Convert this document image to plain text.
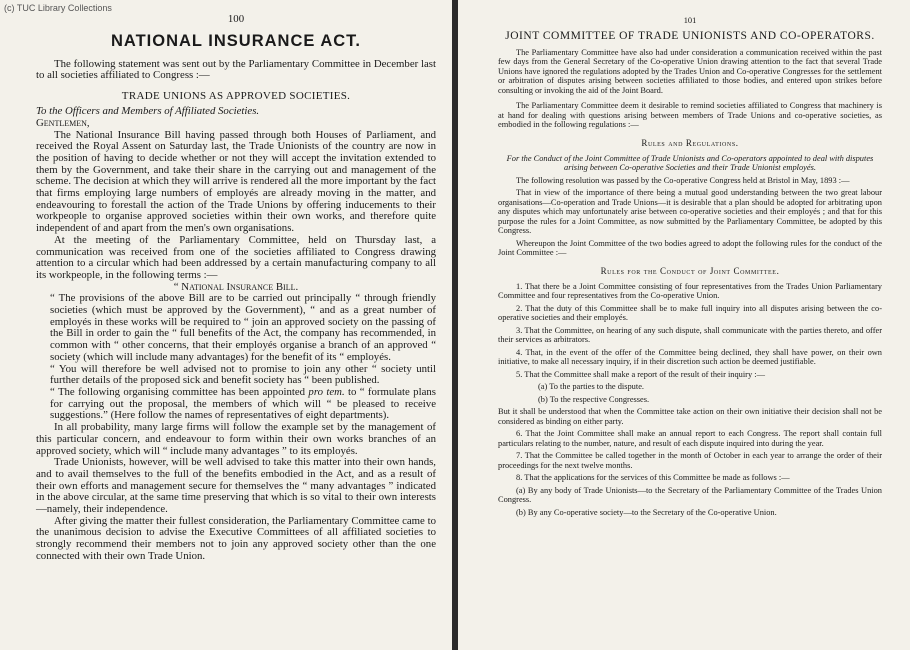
(c) TUC Library Collections

100

NATIONAL INSURANCE ACT.

The following statement was sent out by the Parliamentary Committee in December last to all societies affiliated to Congress :—

TRADE UNIONS AS APPROVED SOCIETIES.

To the Officers and Members of Affiliated Societies.

Gentlemen,

The National Insurance Bill having passed through both Houses of Parliament, and received the Royal Assent on Saturday last, the Trade Unionists of the country are now in the position of having to decide whether or not they will accept the invitation extended to them by the Government, and take their share in the carrying out and management of the scheme. The decision at which they will arrive is rendered all the more important by the fact that firms employing large numbers of employés are already moving in the matter, and endeavouring to forestall the action of the Trade Unions by offering inducements to their workpeople to organise approved societies within their own works, and therefore quite independent of and apart from the men's own organisations.

At the meeting of the Parliamentary Committee, held on Thursday last, a communication was received from one of the societies affiliated to Congress drawing attention to a circular which had been addressed by a certain manufacturing company to all its workpeople, in the following terms :—

“ National Insurance Bill.

“ The provisions of the above Bill are to be carried out principally “ through friendly societies (which must be approved by the Government), “ and as a great number of employés in these works will be required to “ join an approved society on the passing of the Bill in order to gain the “ full benefits of the Act, the company has recommended, in common with “ other concerns, that their employés organise a branch of an approved “ society (which will include many advantages) for the benefit of its “ employés.

“ You will therefore be well advised not to promise to join any other “ society until further details of the proposed sick and benefit society has “ been published.

“ The following organising committee has been appointed pro tem. to “ formulate plans for carrying out the proposal, the members of which will “ be pleased to receive suggestions.” (Here follow the names of representatives of eight departments).

In all probability, many large firms will follow the example set by the management of this particular concern, and endeavour to form within their own works branches of an approved society, which will “ include many advantages ” to its employés.

Trade Unionists, however, will be well advised to take this matter into their own hands, and to avail themselves to the full of the benefits embodied in the Act, and as a result of their own efforts and management secure for themselves the “ many advantages ” indicated in the above circular, at the same time preserving that which is so vital to their own interests—namely, their independence.

After giving the matter their fullest consideration, the Parliamentary Committee came to the unanimous decision to advise the Executive Committees of all affiliated societies to strongly recommend their members not to join any approved society other than the one connected with their own Trade Union.

101

JOINT COMMITTEE OF TRADE UNIONISTS AND CO-OPERATORS.

The Parliamentary Committee have also had under consideration a communication received within the past few days from the General Secretary of the Co-operative Union drawing attention to the fact that several Trade Unions have ignored the regulations adopted by the Trades Union and Co-operative Congresses for the settlement or arbitration of disputes arising between societies affiliated to those bodies, and entered upon strikes before consulting or invoking the aid of the Joint Board.

The Parliamentary Committee deem it desirable to remind societies affiliated to Congress that machinery is at hand for dealing with questions arising between members of Trade Unions and co-operative societies, as embodied in the following regulations :—

Rules and Regulations.

For the Conduct of the Joint Committee of Trade Unionists and Co-operators appointed to deal with disputes arising between Co-operative Societies and their Trade Unionist employés.

The following resolution was passed by the Co-operative Congress held at Bristol in May, 1893 :—

That in view of the importance of there being a mutual good understanding between the two great labour organisations—Co-operation and Trade Unions—it is desirable that a plan should be adopted for arbitrating upon any disputes which may unfortunately arise between co-operative societies and their employés ; and that for this purpose the rules for a Joint Committee, as now submitted by the Parliamentary Committee, be adopted by this Congress.

Whereupon the Joint Committee of the two bodies agreed to adopt the following rules for the conduct of the Joint Committee :—

Rules for the Conduct of Joint Committee.

1. That there be a Joint Committee consisting of four representatives from the Trades Union Parliamentary Committee and four representatives from the Co-operative Union.

2. That the duty of this Committee shall be to make full inquiry into all disputes arising between the co-operative societies and their employés.

3. That the Committee, on hearing of any such dispute, shall communicate with the parties thereto, and offer their services as arbitrators.

4. That, in the event of the offer of the Committee being declined, they shall have power, on their own initiative, to make all necessary inquiry, if in their discretion such action be deemed justifiable.

5. That the Committee shall make a report of the result of their inquiry :—

(a) To the parties to the dispute.

(b) To the respective Congresses.

But it shall be understood that when the Committee take action on their own initiative their decision shall not be considered as binding on either party.

6. That the Joint Committee shall make an annual report to each Congress. The report shall contain full particulars relating to the number, nature, and result of each dispute inquired into during the year.

7. That the Committee be called together in the month of October in each year to arrange the order of their proceedings for the next twelve months.

8. That the applications for the services of this Committee be made as follows :—

(a) By any body of Trade Unionists—to the Secretary of the Parliamentary Committee of the Trades Union Congress.

(b) By any Co-operative society—to the Secretary of the Co-operative Union.
